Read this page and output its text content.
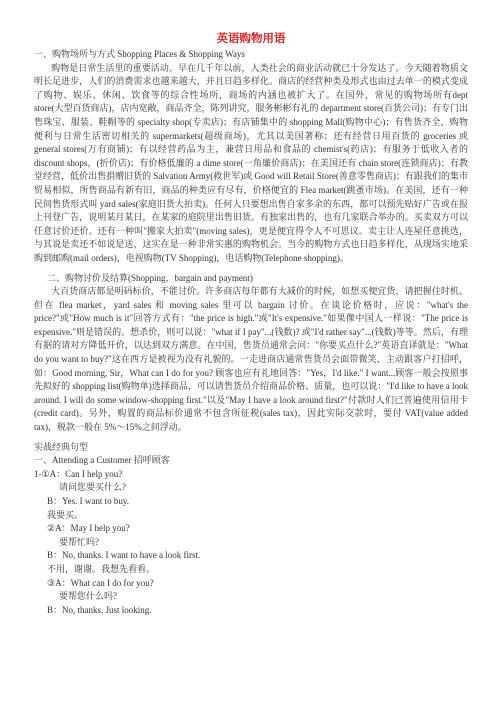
英语购物用语

一、购物场所与方式 Shopping Places & Shopping Ways

购物是日常生活里的重要活动。早在几千年以前，人类社会的商业活动就已十分发达了。今天随着物质文明长足进步，人们的消费需求也越来越大，并且日趋多样化。商店的经营种类及形式也由过去单一的模式变成了购物、娱乐、休闲、饮食等的综合性场所，商场的内涵也被扩大了。在国外，常见的购物场所有dept store(大型百货商店)，店内宽敞，商品齐全，陈列讲究，服务彬彬有礼的 department store(百货公司)；有专门出售珠宝、服装、鞋帽等的 specialty shop(专卖店)；有店铺集中的 shopping Mall(购物中心)；有售货齐全，购物便利与日常生活密切相关的 supermarkets(超级商场)，尤其以美国著称；还有经营日用百货的 groceries 或 general stores(万有商铺)；有以经营药品为主，兼营日用品和食品的 chemist's(药店)；有服务于低收入者的 discount shops，(折价店)；有价格低廉的 a dime store(一角廉价商店)；在美国还有 chain store(连锁商店)；有教堂经营，低价出售捐赠旧货的 Salvation Army(救世军)或 Good will Retail Store(善意零售商店)；有跟我们的集市贸易相似，所售商品有新有旧，商品的种类应有尽有，价格便宜的 Flea market(跳蚤市场)。在美国，还有一种民间售货形式叫 yard sales(家庭旧货大拍卖)。任何人只要想出售自家多余的东西，都可以预先贴好广告或在报上刊登广告，说明某月某日，在某家的庭院里出售旧货。有独家出售的，也有几家联合举办的。买卖双方可以任意讨价还价。还有一种叫"搬家大拍卖"(moving sales)，更是便宜得令人不可思议。卖主让人连屋任意挑选，与其说是卖还不如说是送，这实在是一种非常实惠的购物机会。当今的购物方式也日趋多样化，从现场实地采购到邮购(mail orders)，电视购物(TV Shopping)，电话购物(Telephone shopping)。

二、购物讨价及结算(Shopping，bargain and payment)

大百货商店都是明码标价，不能讨价。许多商店每年都有大减价的时候，如想买便宜货，请把握住时机。但在 flea market，yard sales 和 moving sales 里可以 bargain 讨价。在谈论价格时，应说："what's the price?"或"How much is it"回答方式有："the price is high."或"It's expensive."如果像中国人一样说："The price is expensive."则是错误的。想杀价，则可以说："what if I pay"...(钱数)? 或"I'd rather say"...(钱数)等等。然后，有理有据的请对方降低开价，以达到双方满意。在中国，售货员通常会问："你要买点什么?"英语直译就是："What do you want to buy?"这在西方是被视为没有礼貌的。一走进商店通常售货员会面带微笑，主动跟客户打招呼，如：Good morning, Sir，What can I do for you? 顾客也应有礼地回答："Yes，I'd like." I want...顾客一般会按照事先拟好的 shopping list(购物单)选择商品，可以请售货员介绍商品价格、质量，也可以说："I'd like to have a look around. I will do some window-shopping first."以及"May I have a look around first?"付款时人们已普遍使用信用卡(credit card)。另外，购置的商品标价通常不包含所征税(sales tax)，因此实际交款时，要付 VAT(value added tax)，税款一般在 5%～15%之间浮动。

实战经典句型

一、Attending a Customer 招呼顾客

1-①A：Can I help you?

请问您要买什么?

B：Yes. I want to buy.

我要买。

②A：May I help you?

要帮忙吗?

B：No, thanks. I want to have a look first.

不用，谢谢。我想先看看。

③A：What can I do for you?

要帮您什么吗?

B：No, thanks. Just looking.
